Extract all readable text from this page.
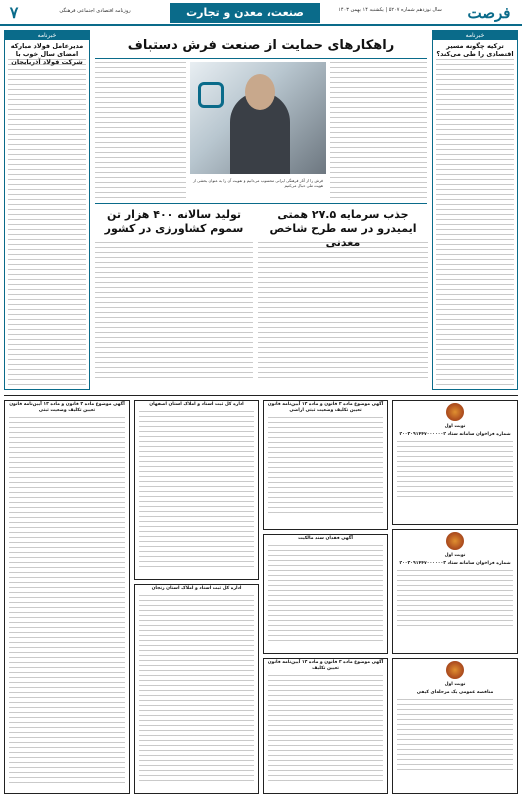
۷	روزنامه اقتصادی اجتماعی فرهنگی	صنعت، معدن و تجارت	سال نوزدهم شماره ۵۲۰۷ | یکشنبه ۱۴ بهمن ۱۴۰۳	فرصت
خبرنامه
ترکیه چگونه مسیر اقتصادی را طی می‌کند؟
خبرنامه
مدیرعامل فولاد مبارکه امضای سال خوب با شرکت فولاد آذربایجان
راهکارهای حمایت از صنعت فرش دستباف
فرش را از آثار فرهنگی ایرانی محسوب می‌دانیم و تقویت آن را به عنوان بخشی از هویت ملی دنبال می‌کنیم
جذب سرمایه ۲۷.۵ همتی ایمیدرو در سه طرح شاخص معدنی
تولید سالانه ۴۰۰ هزار تن سموم کشاورزی در کشور
نوبت اول
شماره فراخوان سامانه ستاد ۲۰۰۳۰۹۱۴۴۷۰۰۰۰۰۰۲
نوبت اول
شماره فراخوان سامانه ستاد ۲۰۰۳۰۹۱۴۴۷۰۰۰۰۰۰۳
نوبت اول
مناقصه عمومی یک مرحله‌ای کیفی
آگهی موضوع ماده ۳ قانون و ماده ۱۳ آیین‌نامه قانون تعیین تکلیف وضعیت ثبتی اراضی
آگهی فقدان سند مالکیت
آگهی موضوع ماده ۳ قانون و ماده ۱۳ آیین‌نامه قانون تعیین تکلیف
اداره کل ثبت اسناد و املاک استان اصفهان
اداره کل ثبت اسناد و املاک استان زنجان
آگهی موضوع ماده ۳ قانون و ماده ۱۳ آیین‌نامه قانون تعیین تکلیف وضعیت ثبتی
